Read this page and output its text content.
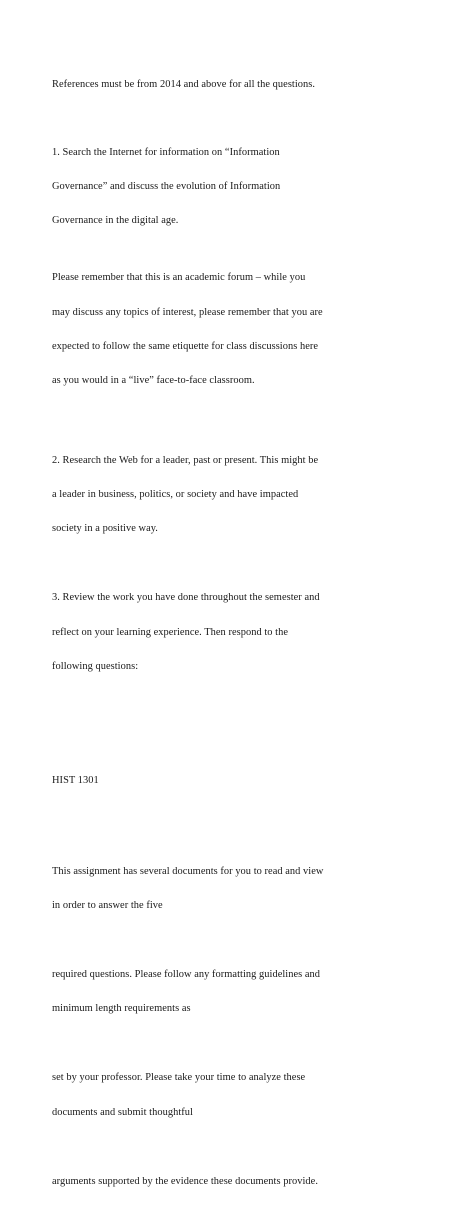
References must be from 2014 and above for all the questions.

1. Search the Internet for information on “Information

Governance” and discuss the evolution of Information

Governance in the digital age.

Please remember that this is an academic forum – while you

may discuss any topics of interest, please remember that you are

expected to follow the same etiquette for class discussions here

as you would in a “live” face-to-face classroom.

2. Research the Web for a leader, past or present. This might be

a leader in business, politics, or society and have impacted

society in a positive way.

3. Review the work you have done throughout the semester and

reflect on your learning experience. Then respond to the

following questions:

HIST 1301

This assignment has several documents for you to read and view

in order to answer the five

required questions. Please follow any formatting guidelines and

minimum length requirements as

set by your professor. Please take your time to analyze these

documents and submit thoughtful

arguments supported by the evidence these documents provide.
